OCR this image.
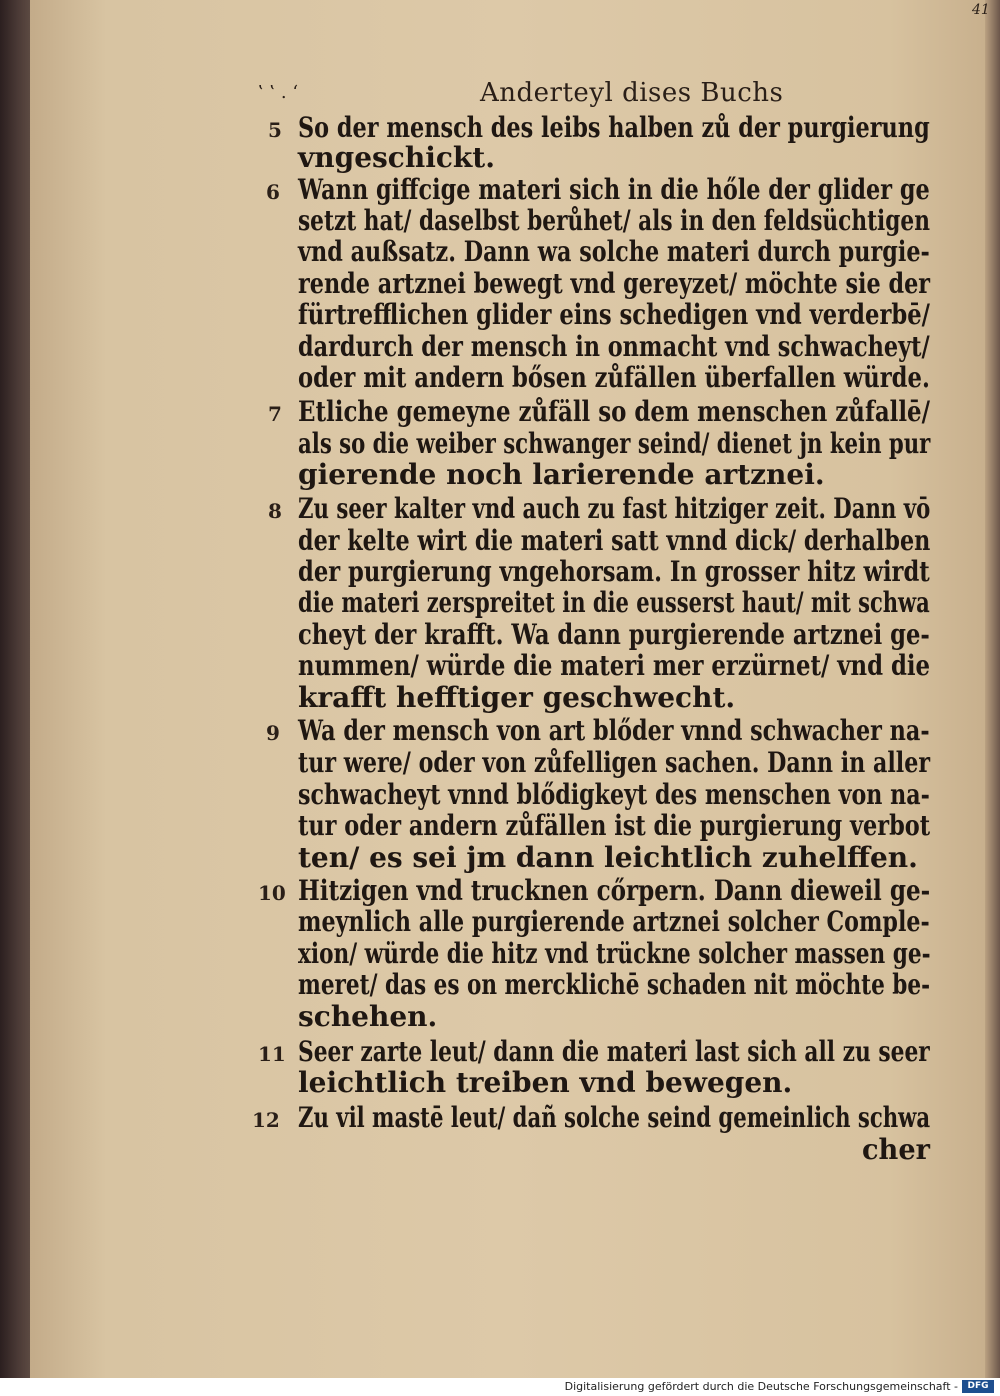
41
‛ ‛ . ‘	Anderteyl dises Buchs
5 So der mensch des leibs halben zů der purgierung
vngeschickt.
6 Wann giffcige materi sich in die hőle der glider ge
setzt hat/ daselbst berůhet/ als in den feldsüchtigen
vnd außsatz. Dann wa solche materi durch purgie-
rende artznei bewegt vnd gereyzet/ möchte sie der
fürtrefflichen glider eins schedigen vnd verderbē/
dardurch der mensch in onmacht vnd schwacheyt/
oder mit andern bősen zůfällen überfallen würde.
7 Etliche gemeyne zůfäll so dem menschen zůfallē/
als so die weiber schwanger seind/ dienet jn kein pur
gierende noch larierende artznei.
8 Zu seer kalter vnd auch zu fast hitziger zeit. Dann vō
der kelte wirt die materi satt vnnd dick/ derhalben
der purgierung vngehorsam. In grosser hitz wirdt
die materi zerspreitet in die eusserst haut/ mit schwa
cheyt der krafft. Wa dann purgierende artznei ge-
nummen/ würde die materi mer erzürnet/ vnd die
krafft hefftiger geschwecht.
9 Wa der mensch von art blőder vnnd schwacher na-
tur were/ oder von zůfelligen sachen. Dann in aller
schwacheyt vnnd blődigkeyt des menschen von na-
tur oder andern zůfällen ist die purgierung verbot
ten/ es sei jm dann leichtlich zuhelffen.
10 Hitzigen vnd trucknen cőrpern. Dann dieweil ge-
meynlich alle purgierende artznei solcher Comple-
xion/ würde die hitz vnd trückne solcher massen ge-
meret/ das es on mercklichē schaden nit möchte be-
schehen.
11 Seer zarte leut/ dann die materi last sich all zu seer
leichtlich treiben vnd bewegen.
12 Zu vil mastē leut/ dañ solche seind gemeinlich schwa
cher
Digitalisierung gefördert durch die Deutsche Forschungsgemeinschaft -	DFG
